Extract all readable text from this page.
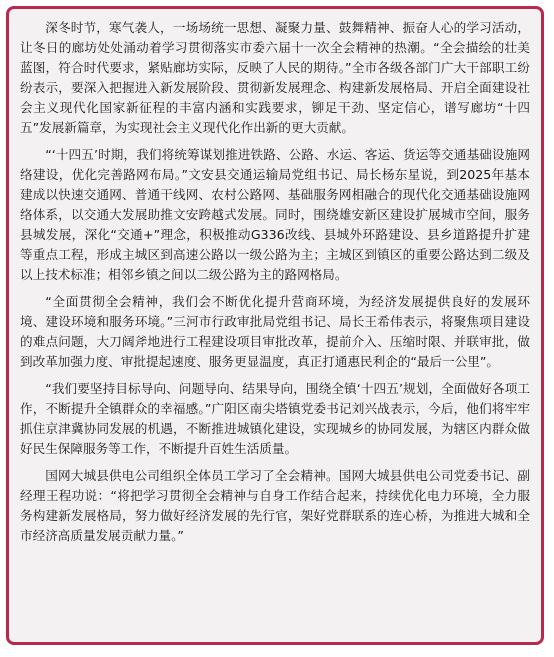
深冬时节，寒气袭人，一场场统一思想、凝聚力量、鼓舞精神、振奋人心的学习活动，让冬日的廊坊处处涌动着学习贯彻落实市委六届十一次全会精神的热潮。“全会描绘的壮美蓝图，符合时代要求，紧贴廊坊实际，反映了人民的期待。”全市各级各部门广大干部职工纷纷表示，要深入把握进入新发展阶段、贯彻新发展理念、构建新发展格局、开启全面建设社会主义现代化国家新征程的丰富内涵和实践要求，铆足干劲、坚定信心，谱写廊坊“十四五”发展新篇章，为实现社会主义现代化作出新的更大贡献。

“‘十四五’时期，我们将统筹谋划推进铁路、公路、水运、客运、货运等交通基础设施网络建设，优化完善路网布局。”文安县交通运输局党组书记、局长杨东星说，到2025年基本建成以快速交通网、普通干线网、农村公路网、基础服务网相融合的现代化交通基础设施网络体系，以交通大发展助推文安跨越式发展。同时，围绕雄安新区建设扩展城市空间，服务县城发展，深化“交通+”理念，积极推动G336改线、县城外环路建设、县乡道路提升扩建等重点工程，形成主城区到高速公路以一级公路为主；主城区到镇区的重要公路达到二级及以上技术标准；相邻乡镇之间以二级公路为主的路网格局。

“全面贯彻全会精神，我们会不断优化提升营商环境，为经济发展提供良好的发展环境、建设环境和服务环境。”三河市行政审批局党组书记、局长王希伟表示，将聚焦项目建设的难点问题，大刀阔斧地进行工程建设项目审批改革，提前介入、压缩时限、并联审批，做到改革加强力度、审批提起速度、服务更显温度，真正打通惠民利企的“最后一公里”。

“我们要坚持目标导向、问题导向、结果导向，围绕全镇‘十四五’规划，全面做好各项工作，不断提升全镇群众的幸福感。”广阳区南尖塔镇党委书记刘兴战表示，今后，他们将牢牢抓住京津冀协同发展的机遇，不断推进城镇化建设，实现城乡的协同发展，为辖区内群众做好民生保障服务等工作，不断提升百姓生活质量。

国网大城县供电公司组织全体员工学习了全会精神。国网大城县供电公司党委书记、副经理王程功说：“将把学习贯彻全会精神与自身工作结合起来，持续优化电力环境，全力服务构建新发展格局，努力做好经济发展的先行官，架好党群联系的连心桥，为推进大城和全市经济高质量发展贡献力量。”
